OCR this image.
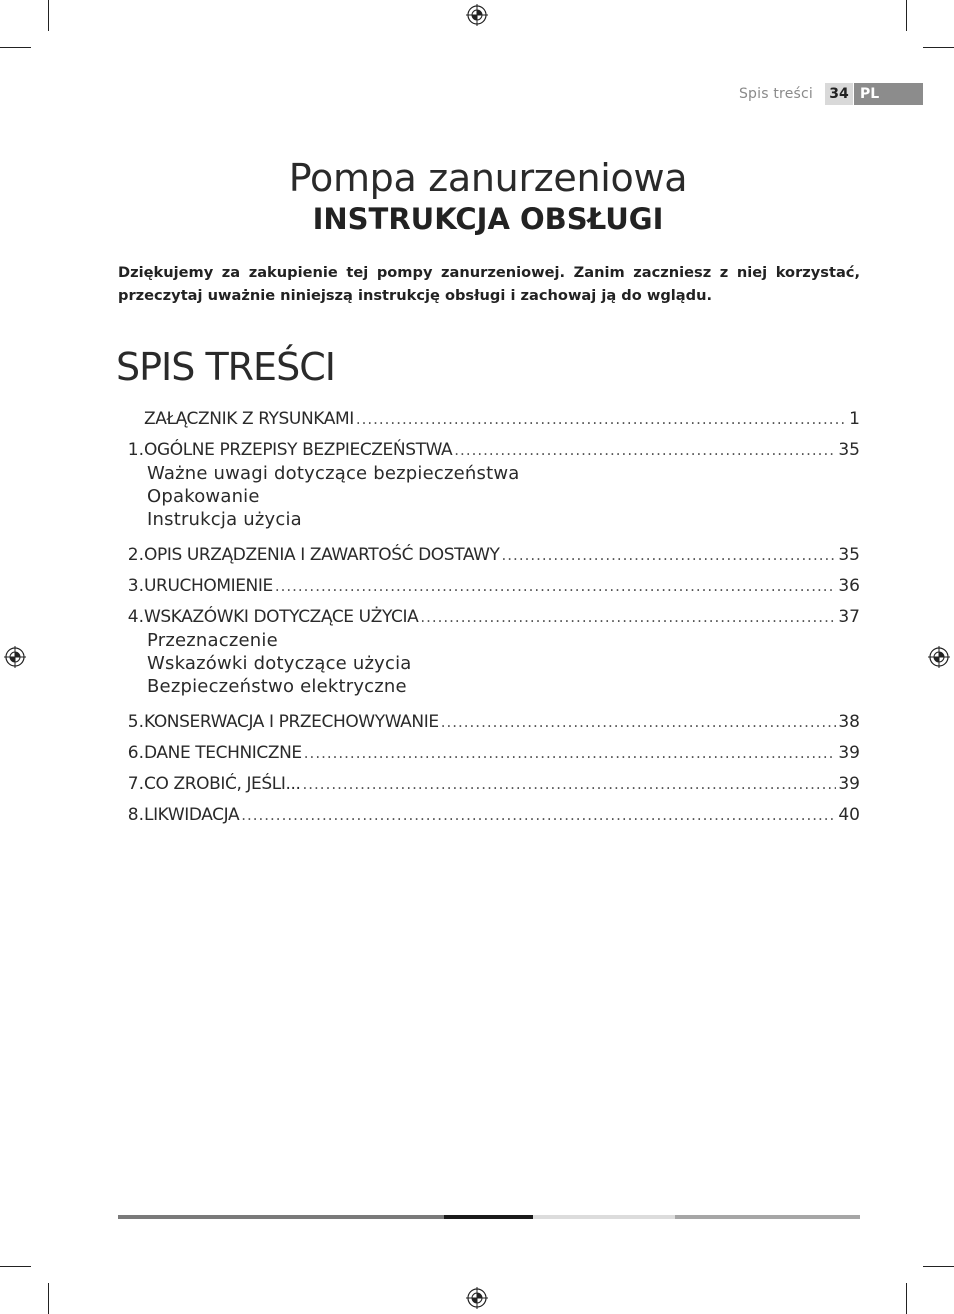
Spis treści	34 PL
Pompa zanurzeniowa
INSTRUKCJA OBSŁUGI
Dziękujemy za zakupienie tej pompy zanurzeniowej. Zanim zaczniesz z niej korzystać, przeczytaj uważnie niniejszą instrukcję obsługi i zachowaj ją do wglądu.
SPIS TREŚCI
ZAŁĄCZNIK Z RYSUNKAMI .....	1
1. OGÓLNE PRZEPISY BEZPIECZEŃSTWA .....	35
Ważne uwagi dotyczące bezpieczeństwa
Opakowanie
Instrukcja użycia
2. OPIS URZĄDZENIA I ZAWARTOŚĆ DOSTAWY .....	35
3. URUCHOMIENIE .....	36
4. WSKAZÓWKI DOTYCZĄCE UŻYCIA .....	37
Przeznaczenie
Wskazówki dotyczące użycia
Bezpieczeństwo elektryczne
5. KONSERWACJA I PRZECHOWYWANIE .....	38
6. DANE TECHNICZNE .....	39
7. CO ZROBIĆ, JEŚLI... .....	39
8. LIKWIDACJA .....	40
